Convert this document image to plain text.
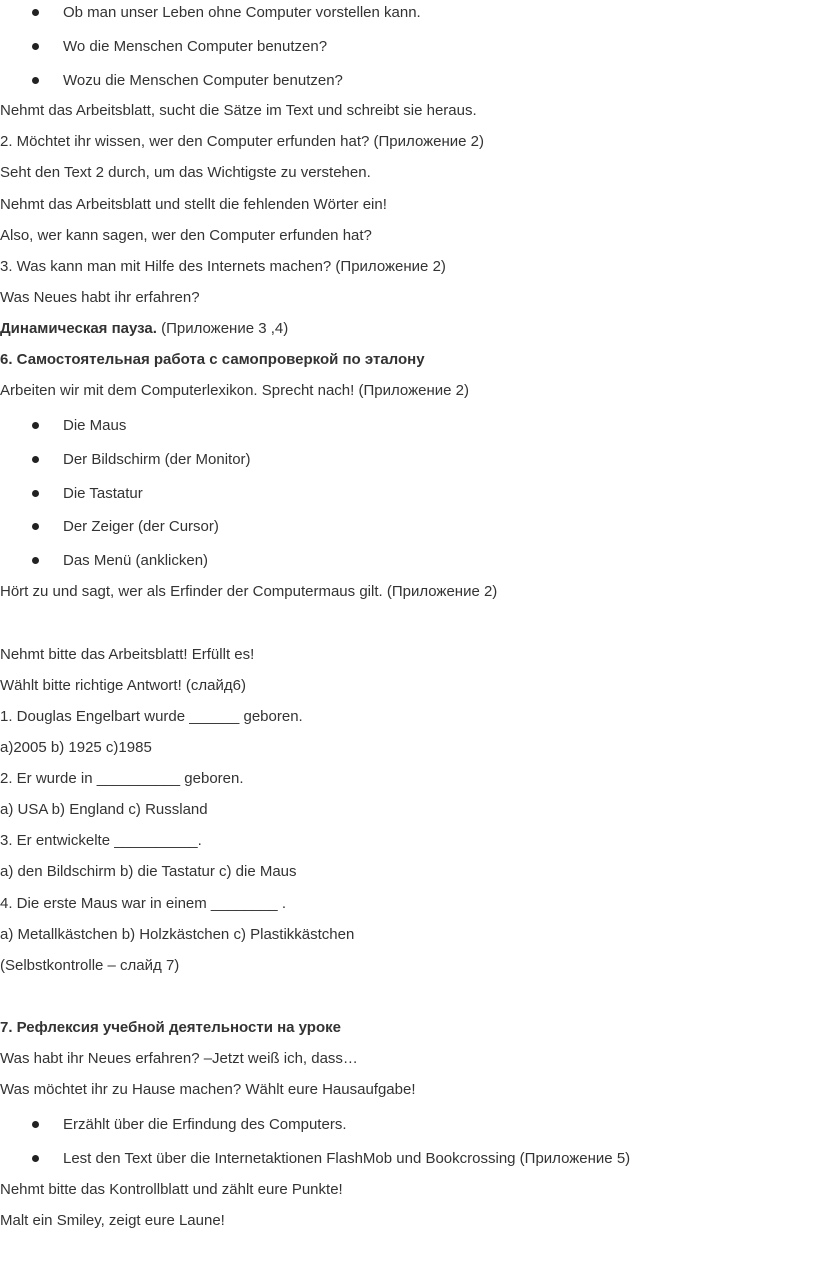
Ob man unser Leben ohne Computer vorstellen kann.
Wo die Menschen Computer benutzen?
Wozu die Menschen Computer benutzen?
Nehmt das Arbeitsblatt, sucht die Sätze im Text und schreibt sie heraus.
2. Möchtet ihr wissen, wer den Computer erfunden hat? (Приложение 2)
Seht den Text 2 durch, um das Wichtigste zu verstehen.
Nehmt das Arbeitsblatt und stellt die fehlenden Wörter ein!
Also, wer kann sagen, wer den Computer erfunden hat?
3. Was kann man mit Hilfe des Internets machen? (Приложение 2)
Was Neues habt ihr erfahren?
Динамическая пауза. (Приложение 3 ,4)
6. Самостоятельная работа с самопроверкой по эталону
Arbeiten wir mit dem Computerlexikon. Sprecht nach! (Приложение 2)
Die Maus
Der Bildschirm (der Monitor)
Die Tastatur
Der Zeiger (der Cursor)
Das Menü (anklicken)
Hört zu und sagt, wer als Erfinder der Computermaus gilt. (Приложение 2)
Nehmt bitte das Arbeitsblatt! Erfüllt es!
Wählt bitte richtige Antwort! (слайд6)
1. Douglas Engelbart wurde ______ geboren.
a)2005 b) 1925 c)1985
2. Er wurde in __________ geboren.
a) USA b) England c) Russland
3. Er entwickelte __________.
a) den Bildschirm b) die Tastatur c) die Maus
4. Die erste Maus war in einem ________ .
a) Metallkästchen b) Holzkästchen c) Plastikkästchen
(Selbstkontrolle – слайд 7)
7. Рефлексия учебной деятельности на уроке
Was habt ihr Neues erfahren? –Jetzt weiß ich, dass…
Was möchtet ihr zu Hause machen? Wählt eure Hausaufgabe!
Erzählt über die Erfindung des Computers.
Lest den Text über die Internetaktionen FlashMob und Bookcrossing (Приложение 5)
Nehmt bitte das Kontrollblatt und zählt eure Punkte!
Malt ein Smiley, zeigt eure Laune!
